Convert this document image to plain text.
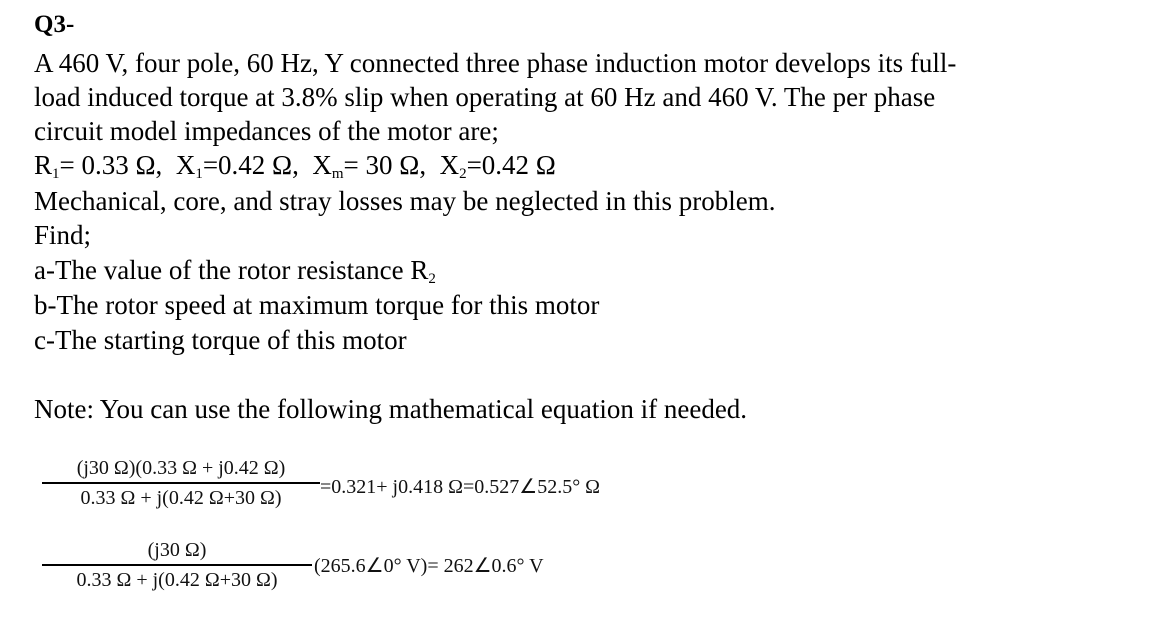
Q3-
A 460 V, four pole, 60 Hz, Y connected three phase induction motor develops its full-
load induced torque at 3.8% slip when operating at 60 Hz and 460 V. The per phase
circuit model impedances of the motor are;
$R_1= 0.33$ Ω, $X_1=0.42$ Ω, $X_m= 30$ Ω, $X_2=0.42$ Ω
Mechanical, core, and stray losses may be neglected in this problem.
Find;
a-The value of the rotor resistance $R_2$
b-The rotor speed at maximum torque for this motor
c-The starting torque of this motor
Note: You can use the following mathematical equation if needed.
(j30 Ω)(0.33 Ω + j0.42 Ω)
0.33 Ω + j(0.42 Ω+30 Ω)	=0.321+ j0.418 Ω=0.527∠52.5° Ω
(j30 Ω)
0.33 Ω + j(0.42 Ω+30 Ω)
(265.6∠0° V)= 262∠0.6° V
